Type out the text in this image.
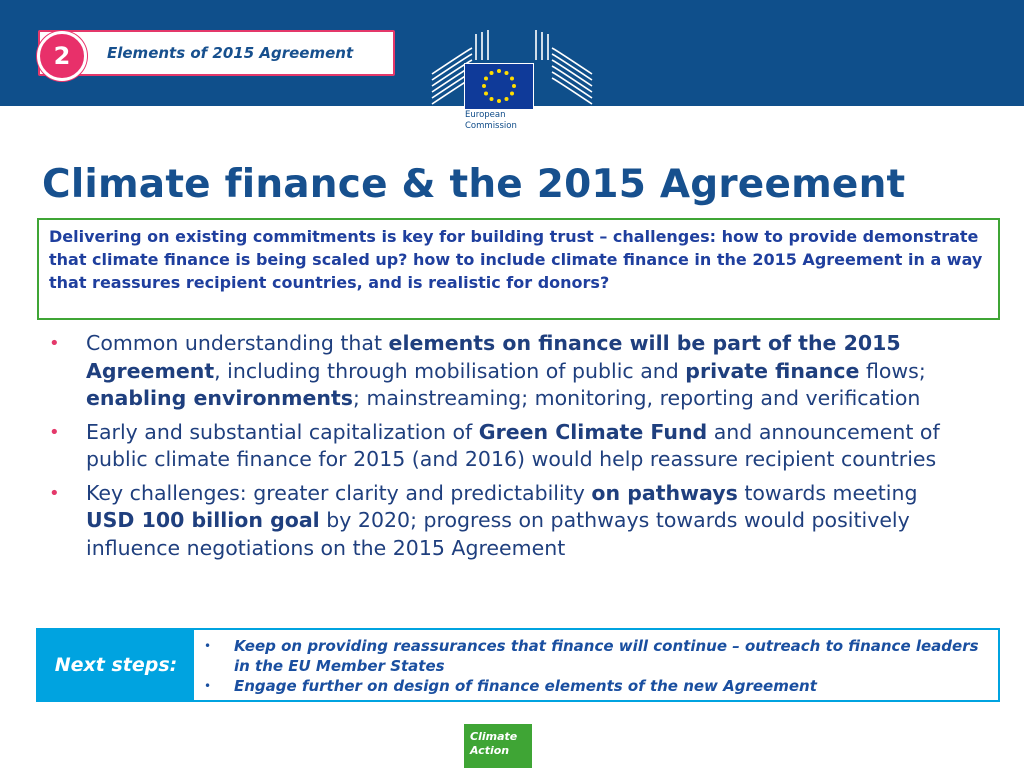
2	Elements of 2015 Agreement
European
Commission
Climate finance & the 2015 Agreement
Delivering on existing commitments is key for building trust – challenges: how to provide demonstrate that climate finance is being scaled up? how to include climate finance in the 2015 Agreement in a way that reassures recipient countries, and is realistic for donors?
• Common understanding that elements on finance will be part of the 2015 Agreement, including through mobilisation of public and private finance flows; enabling environments; mainstreaming; monitoring, reporting and verification
• Early and substantial capitalization of Green Climate Fund and announcement of public climate finance for 2015 (and 2016) would help reassure recipient countries
• Key challenges: greater clarity and predictability on pathways towards meeting USD 100 billion goal by 2020; progress on pathways towards would positively influence negotiations on the 2015 Agreement
Next steps:
• Keep on providing reassurances that finance will continue – outreach to finance leaders in the EU Member States
• Engage further on design of finance elements of the new Agreement
Climate
Action
